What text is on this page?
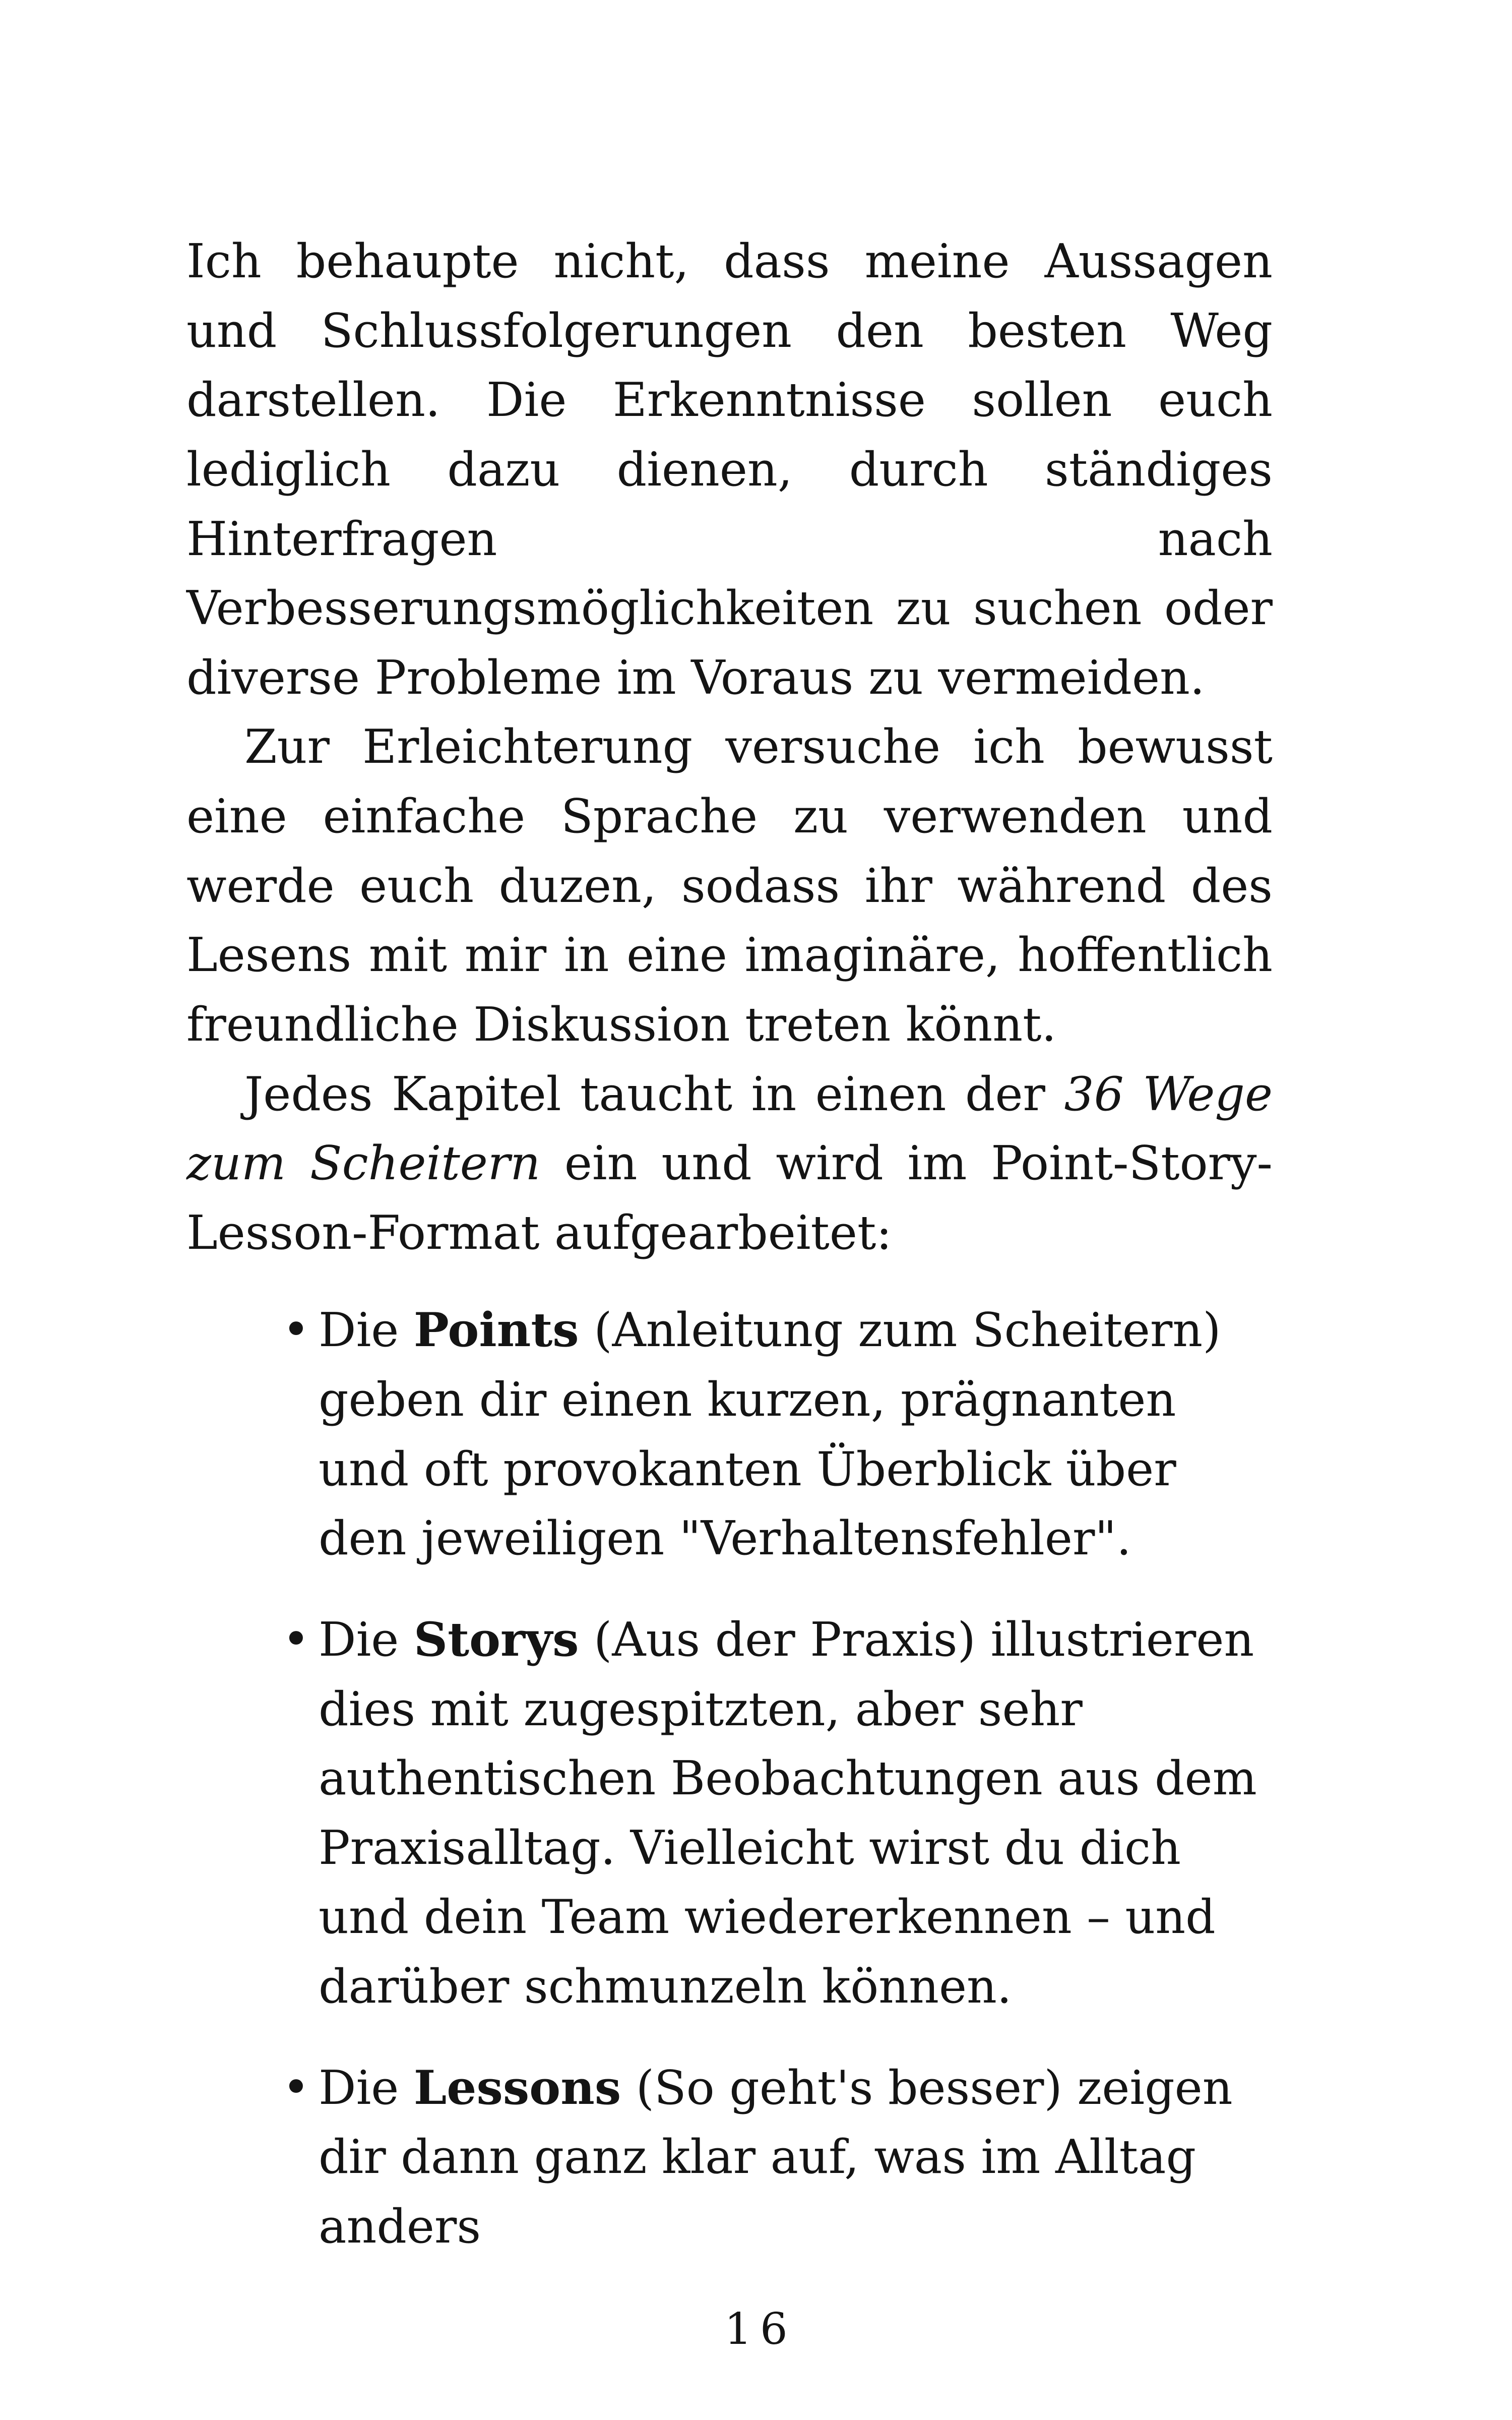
Ich behaupte nicht, dass meine Aussagen und Schlussfolgerungen den besten Weg darstellen. Die Erkenntnisse sollen euch lediglich dazu dienen, durch ständiges Hinterfragen nach Verbesserungsmöglichkeiten zu suchen oder diverse Probleme im Voraus zu vermeiden.

Zur Erleichterung versuche ich bewusst eine einfache Sprache zu verwenden und werde euch duzen, sodass ihr während des Lesens mit mir in eine imaginäre, hoffentlich freundliche Diskussion treten könnt.

Jedes Kapitel taucht in einen der 36 Wege zum Scheitern ein und wird im Point-Story-Lesson-Format aufgearbeitet:

• Die Points (Anleitung zum Scheitern) geben dir einen kurzen, prägnanten und oft provokanten Überblick über den jeweiligen "Verhaltensfehler".
• Die Storys (Aus der Praxis) illustrieren dies mit zugespitzten, aber sehr authentischen Beobachtungen aus dem Praxisalltag. Vielleicht wirst du dich und dein Team wiedererkennen – und darüber schmunzeln können.
• Die Lessons (So geht's besser) zeigen dir dann ganz klar auf, was im Alltag anders
16
